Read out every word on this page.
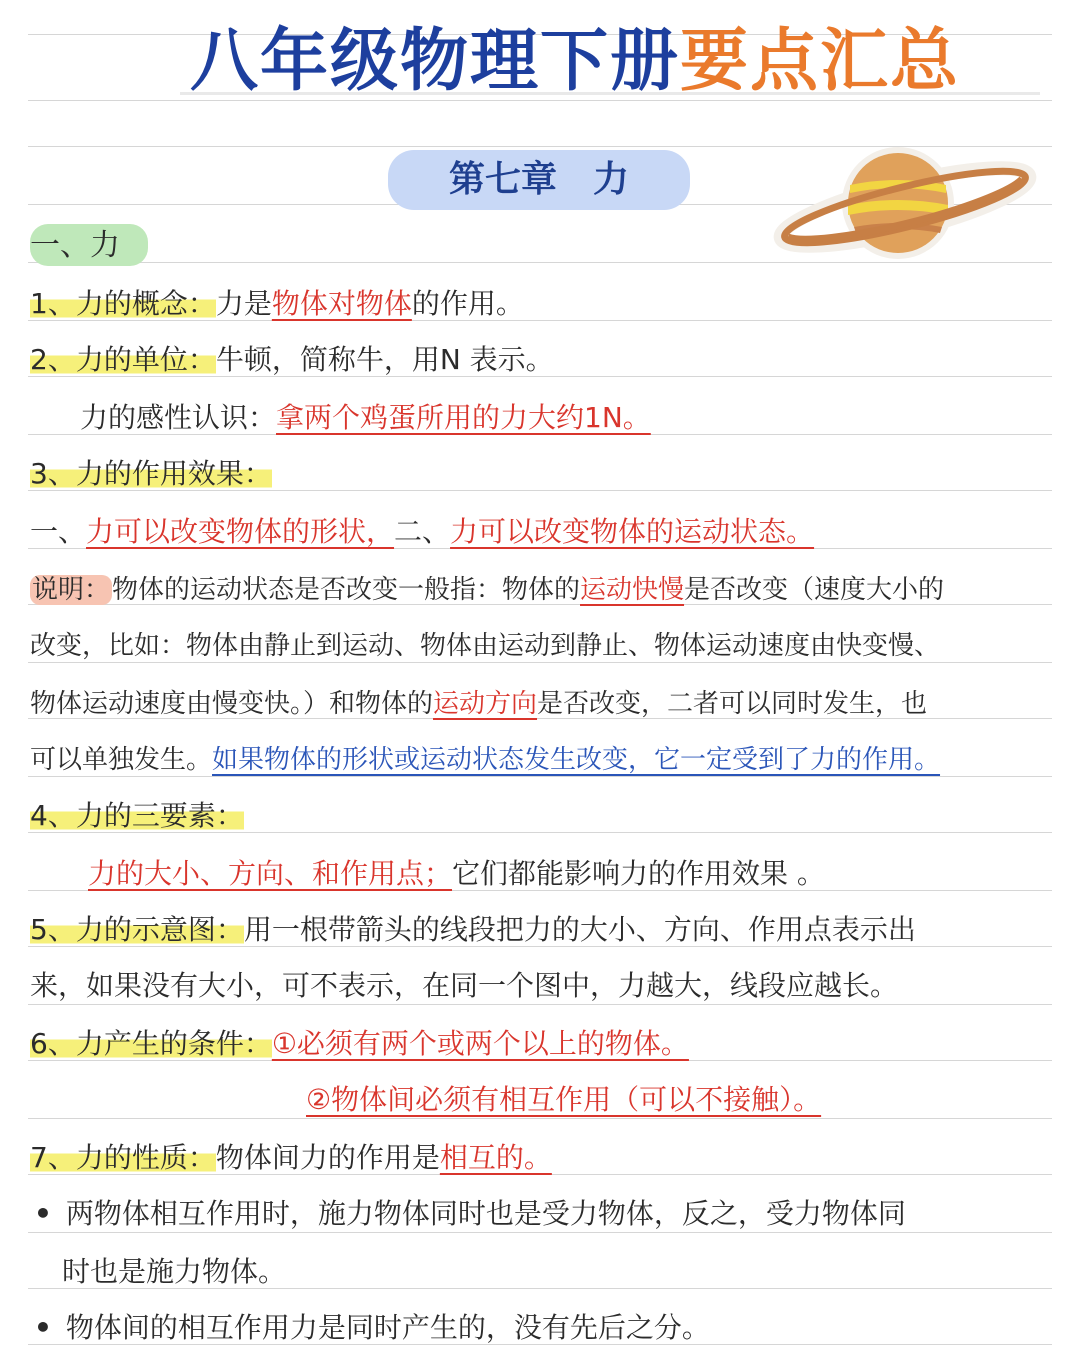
八年级物理下册要点汇总
第七章 力
一、力
1、力的概念：力是物体对物体的作用。
2、力的单位：牛顿，简称牛，用N 表示。
力的感性认识：拿两个鸡蛋所用的力大约1N。
3、力的作用效果：
一、力可以改变物体的形状，二、力可以改变物体的运动状态。
说明：物体的运动状态是否改变一般指：物体的运动快慢是否改变（速度大小的
改变，比如：物体由静止到运动、物体由运动到静止、物体运动速度由快变慢、
物体运动速度由慢变快。）和物体的运动方向是否改变，二者可以同时发生，也
可以单独发生。如果物体的形状或运动状态发生改变，它一定受到了力的作用。
4、力的三要素：
力的大小、方向、和作用点；它们都能影响力的作用效果 。
5、力的示意图：用一根带箭头的线段把力的大小、方向、作用点表示出
来，如果没有大小，可不表示，在同一个图中，力越大，线段应越长。
6、力产生的条件：①必须有两个或两个以上的物体。
②物体间必须有相互作用（可以不接触）。
7、力的性质：物体间力的作用是相互的。
• 两物体相互作用时，施力物体同时也是受力物体，反之，受力物体同
时也是施力物体。
• 物体间的相互作用力是同时产生的，没有先后之分。
